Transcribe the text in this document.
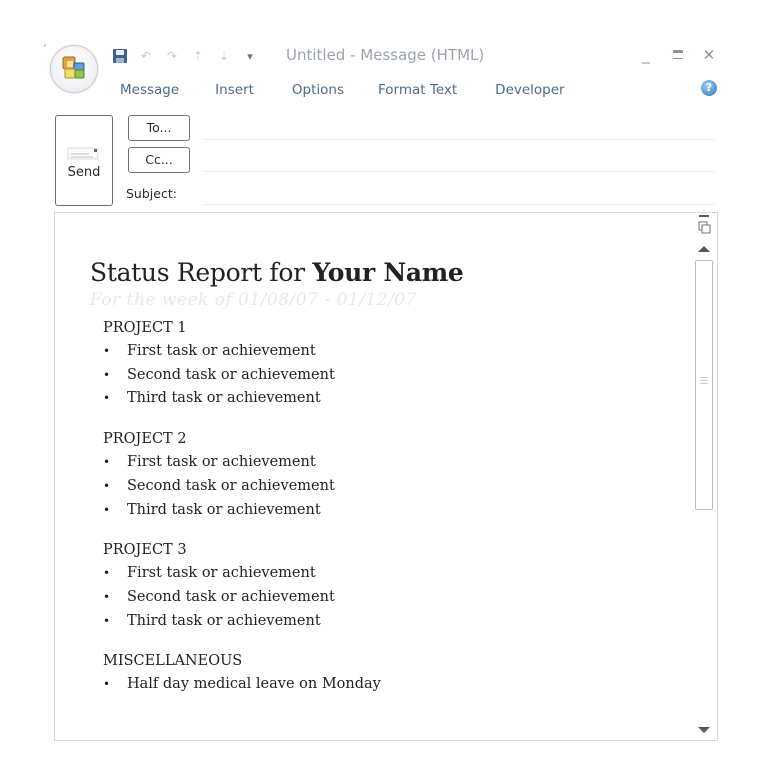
ˏ
↶ ↷ ⇡ ⇣	▾	Untitled - Message (HTML)	_	✕
Message	Insert	Options	Format Text	Developer	?
Send
To...
Cc...
Subject:
Status Report for Your Name
For the week of 01/08/07 - 01/12/07
PROJECT 1
• First task or achievement
• Second task or achievement
• Third task or achievement
PROJECT 2
• First task or achievement
• Second task or achievement
• Third task or achievement
PROJECT 3
• First task or achievement
• Second task or achievement
• Third task or achievement
MISCELLANEOUS
• Half day medical leave on Monday
